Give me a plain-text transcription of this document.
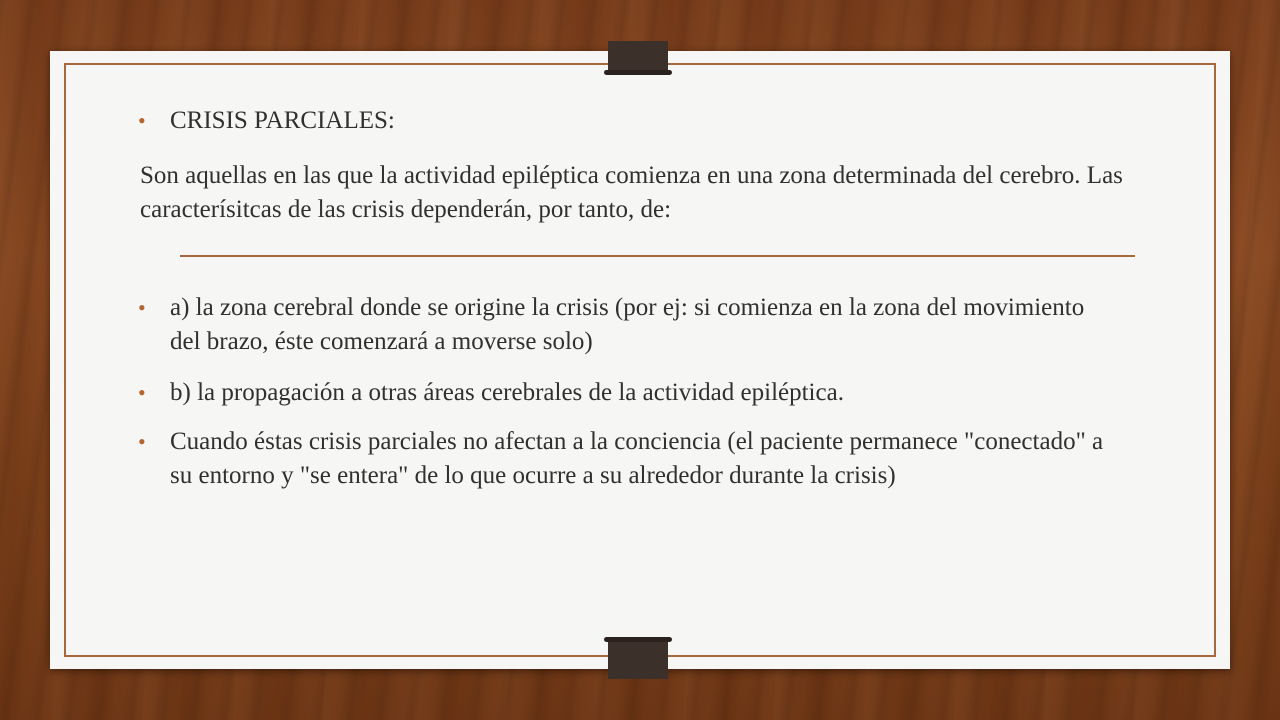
• CRISIS PARCIALES:
Son aquellas en las que la actividad epiléptica comienza en una zona determinada del cerebro. Las caracterísitcas de las crisis dependerán, por tanto, de:
• a) la zona cerebral donde se origine la crisis (por ej: si comienza en la zona del movimiento del brazo, éste comenzará a moverse solo)
• b) la propagación a otras áreas cerebrales de la actividad epiléptica.
• Cuando éstas crisis parciales no afectan a la conciencia (el paciente permanece "conectado" a su entorno y "se entera" de lo que ocurre a su alrededor durante la crisis)
